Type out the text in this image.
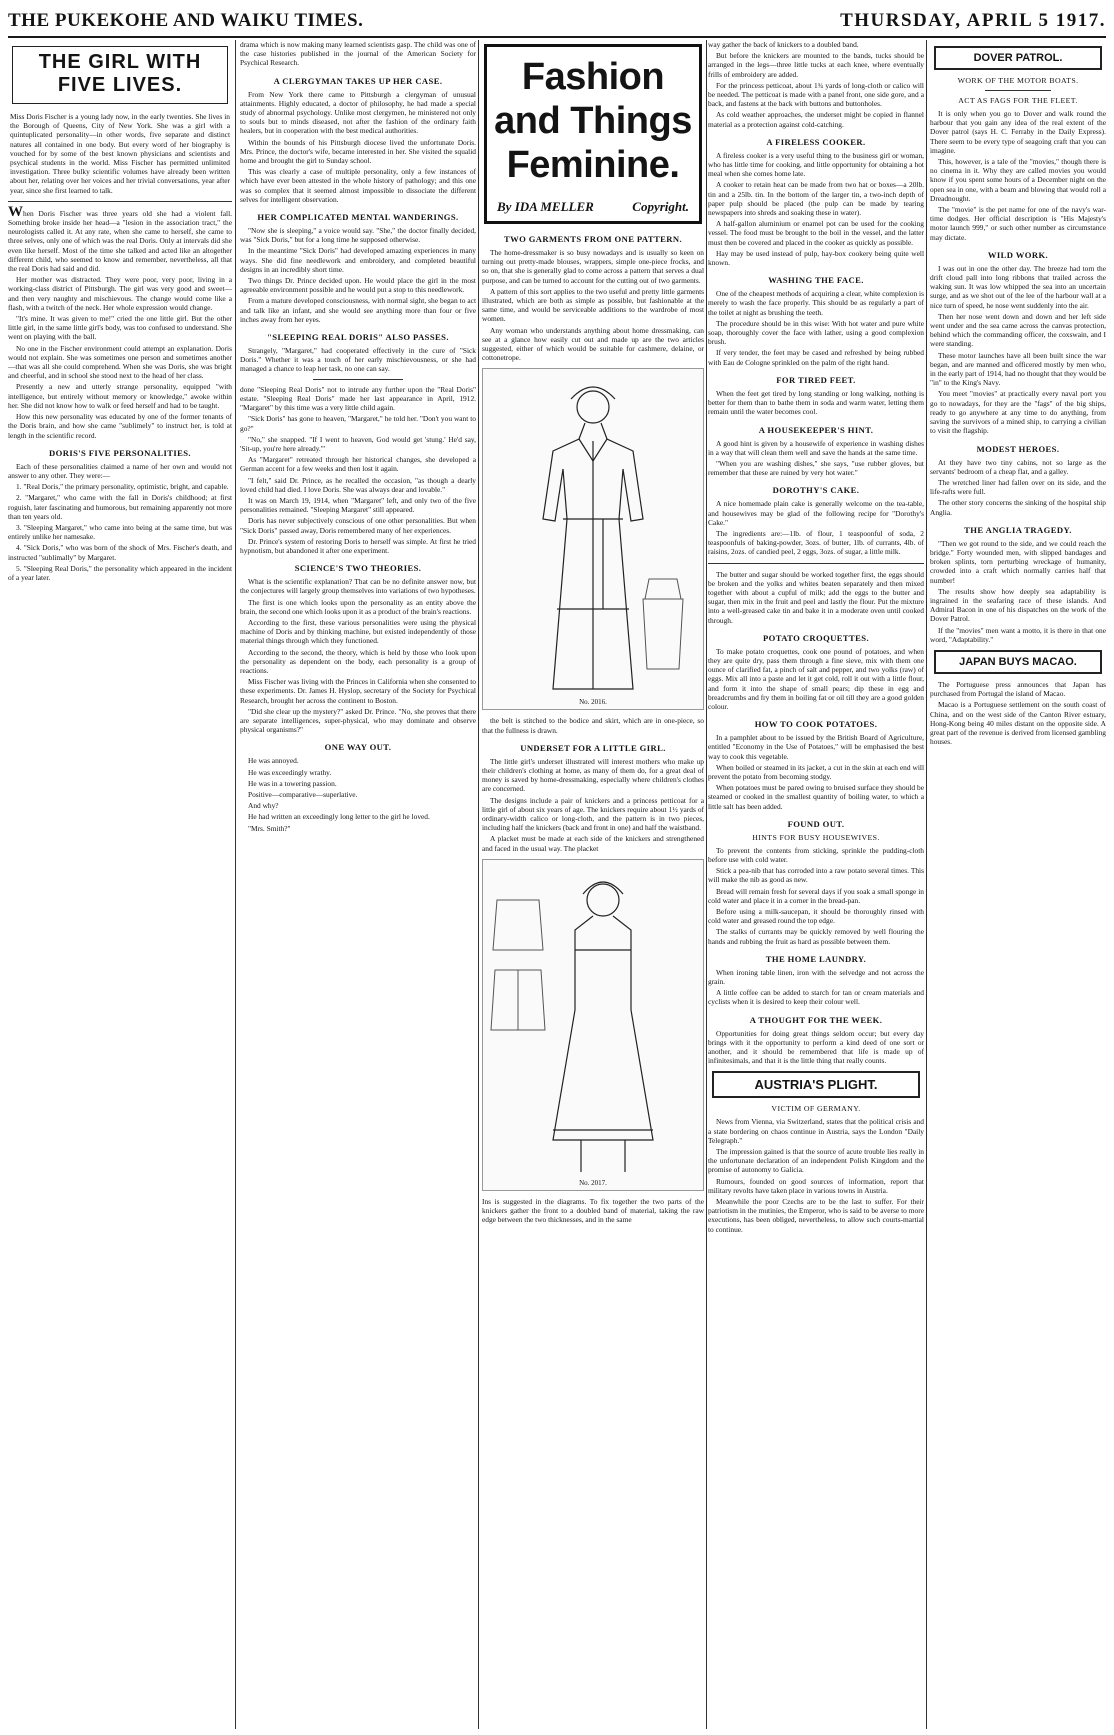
THE PUKEKOHE AND WAIKU TIMES.	THURSDAY, APRIL 5 1917.
THE GIRL WITH FIVE LIVES.
Miss Doris Fischer is a young lady now, in the early twenties. She lives in the Borough of Queens, City of New York. She was a girl with a quintuplicated personality—in other words, five separate and distinct natures all contained in one body. But every word of her biography is vouched for by some of the best known physicians and scientists and psychical students in the world. Miss Fischer has permitted unlimited investigation. Three bulky scientific volumes have already been written about her, relating over her voices and her trivial conversations, year after year, since she first learned to talk.

When Doris Fischer was three years old she had a violent fall. Something broke inside her head—a "lesion in the association tract," the neurologists called it. At any rate, when she came to herself, she came to three selves, only one of which was the real Doris. Only at intervals did she even like herself. Most of the time she talked and acted like an altogether different child, who seemed to know and remember, nevertheless, all that the real Doris had said and did.

Her mother was distracted. They were poor, very poor, living in a working-class district of Pittsburgh. The girl was very good and sweet—and then very naughty and mischievous. The change would come like a flash, with a twitch of the neck. Her whole expression would change.

"It's mine. It was given to me!" cried the one little girl. But the other little girl, in the same little girl's body, was too confused to understand. She went on playing with the ball.

No one in the Fischer environment could attempt an explanation. Doris would not explain. She was sometimes one person and sometimes another—that was all she could comprehend. When she was Doris, she was bright and cheerful, and in school she stood next to the head of her class.

Presently a new and utterly strange personality, equipped "with intelligence, but entirely without memory or knowledge," awoke within her. She did not know how to walk or feed herself and had to be taught.

How this new personality was educated by one of the former tenants of the Doris brain, and how she came "sublimely" to instruct her, is told at length in the scientific record.

DORIS'S FIVE PERSONALITIES.

Each of these personalities claimed a name of her own and would not answer to any other. They were:—

1. "Real Doris," the primary personality, optimistic, bright, and capable.

2. "Margaret," who came with the fall in Doris's childhood; at first roguish, later fascinating and humorous, but remaining apparently not more than ten years old.

3. "Sleeping Margaret," who came into being at the same time, but was entirely unlike her namesake.

4. "Sick Doris," who was born of the shock of Mrs. Fischer's death, and instructed "sublimally" by Margaret.

5. "Sleeping Real Doris," the personality which appeared in the incident of a year later.

drama which is now making many learned scientists gasp. The child was one of the case histories published in the journal of the American Society for Psychical Research.

A CLERGYMAN TAKES UP HER CASE.

From New York there came to Pittsburgh a clergyman of unusual attainments. Highly educated, a doctor of philosophy, he had made a special study of abnormal psychology. Unlike most clergymen, he ministered not only to souls but to minds diseased, not after the fashion of the ordinary faith healers, but in cooperation with the best medical authorities.

Within the bounds of his Pittsburgh diocese lived the unfortunate Doris. Mrs. Prince, the doctor's wife, became interested in her. She visited the squalid home and brought the girl to Sunday school.

This was clearly a case of multiple personality, only a few instances of which have ever been attested in the whole history of pathology; and this one was so complex that it seemed almost impossible to dissociate the different selves for intelligent observation.

HER COMPLICATED MENTAL WANDERINGS.

"Now she is sleeping," a voice would say. "She," the doctor finally decided, was "Sick Doris," but for a long time he supposed otherwise.

In the meantime "Sick Doris" had developed amazing experiences in many ways. She did fine needlework and embroidery, and completed beautiful designs in an incredibly short time.

Two things Dr. Prince decided upon. He would place the girl in the most agreeable environment possible and he would put a stop to this needlework.

From a mature developed consciousness, with normal sight, she began to act and talk like an infant, and she would see anything more than four or five inches away from her eyes.

"SLEEPING REAL DORIS" ALSO PASSES.

Strangely, "Margaret," had cooperated effectively in the cure of "Sick Doris." Whether it was a touch of her early mischievousness, or she had managed a chance to leap her task, no one can say.

done "Sleeping Real Doris" not to intrude any further upon the "Real Doris" estate. "Sleeping Real Doris" made her last appearance in April, 1912. "Margaret" by this time was a very little child again.

"Sick Doris" has gone to heaven, "Margaret," he told her. "Don't you want to go?"

"No," she snapped. "If I went to heaven, God would get 'stung.' He'd say, 'Sit-up, you're here already.'"

As "Margaret" retreated through her historical changes, she developed a German accent for a few weeks and then lost it again.

"I felt," said Dr. Prince, as he recalled the occasion, "as though a dearly loved child had died. I love Doris. She was always dear and lovable."

It was on March 19, 1914, when "Margaret" left, and only two of the five personalities remained. "Sleeping Margaret" still appeared.

Doris has never subjectively conscious of one other personalities. But when "Sick Doris" passed away, Doris remembered many of her experiences.

Dr. Prince's system of restoring Doris to herself was simple. At first he tried hypnotism, but abandoned it after one experiment.

SCIENCE'S TWO THEORIES.

What is the scientific explanation? That can be no definite answer now, but the conjectures will largely group themselves into variations of two hypotheses.

The first is one which looks upon the personality as an entity above the brain, the second one which looks upon it as a product of the brain's reactions.

According to the first, these various personalities were using the physical machine of Doris and by thinking machine, but existed independently of those material things through which they functioned.

According to the second, the theory, which is held by those who look upon the personality as dependent on the body, each personality is a group of reactions.

Miss Fischer was living with the Princes in California when she consented to these experiments. Dr. James H. Hyslop, secretary of the Society for Psychical Research, brought her across the continent to Boston.

"Did she clear up the mystery?" asked Dr. Prince. "No, she proves that there are separate intelligences, super-physical, who may dominate and observe physical organisms?"

ONE WAY OUT.

He was annoyed.

He was exceedingly wrathy.

He was in a towering passion.

Positive—comparative—superlative.

And why?

He had written an exceedingly long letter to the girl he loved.

"Mrs. Smith?"

Fashion and Things
Feminine.
By IDA MELLER	Copyright.
TWO GARMENTS FROM ONE PATTERN.

The home-dressmaker is so busy nowadays and is usually so keen on turning out pretty-made blouses, wrappers, simple one-piece frocks, and so on, that she is generally glad to come across a pattern that serves a dual purpose, and can be turned to account for the cutting out of two garments.

A pattern of this sort applies to the two useful and pretty little garments illustrated, which are both as simple as possible, but fashionable at the same time, and would be serviceable additions to the wardrobe of most women.

Any woman who understands anything about home dressmaking, can see at a glance how easily cut out and made up are the two articles suggested, either of which would be suitable for cashmere, delaine, or cottonetrope.

No. 2016.

the belt is stitched to the bodice and skirt, which are in one-piece, so that the fullness is drawn.

UNDERSET FOR A LITTLE GIRL.

The little girl's underset illustrated will interest mothers who make up their children's clothing at home, as many of them do, for a great deal of money is saved by home-dressmaking, especially where children's clothes are concerned.

The designs include a pair of knickers and a princess petticoat for a little girl of about six years of age. The knickers require about 1½ yards of ordinary-width calico or long-cloth, and the pattern is in two pieces, including half the knickers (back and front in one) and half the waistband.

A placket must be made at each side of the knickers and strengthened and faced in the usual way. The placket

No. 2017.

Ins is suggested in the diagrams. To fix together the two parts of the knickers gather the front to a doubled band of material, taking the raw edge between the two thicknesses, and in the same

way gather the back of knickers to a doubled band.

But before the knickers are mounted to the bands, tucks should be arranged in the legs—three little tucks at each knee, where eventually frills of embroidery are added.

For the princess petticoat, about 1¾ yards of long-cloth or calico will be needed. The petticoat is made with a panel front, one side gore, and a back, and fastens at the back with buttons and buttonholes.

As cold weather approaches, the underset might be copied in flannel material as a protection against cold-catching.

A FIRELESS COOKER.

A fireless cooker is a very useful thing to the business girl or woman, who has little time for cooking, and little opportunity for obtaining a hot meal when she comes home late.

A cooker to retain heat can be made from two hat or boxes—a 20lb. tin and a 25lb. tin. In the bottom of the larger tin, a two-inch depth of paper pulp should be placed (the pulp can be made by tearing newspapers into shreds and soaking these in water).

A half-gallon aluminium or enamel pot can be used for the cooking vessel. The food must be brought to the boil in the vessel, and the latter must then be covered and placed in the cooker as quickly as possible.

Hay may be used instead of pulp, hay-box cookery being quite well known.

WASHING THE FACE.

One of the cheapest methods of acquiring a clear, white complexion is merely to wash the face properly. This should be as regularly a part of the toilet at night as brushing the teeth.

The procedure should be in this wise: With hot water and pure white soap, thoroughly cover the face with lather, using a good complexion brush.

If very tender, the feet may be cased and refreshed by being rubbed with Eau de Cologne sprinkled on the palm of the right hand.

FOR TIRED FEET.

When the feet get tired by long standing or long walking, nothing is better for them than to bathe them in soda and warm water, letting them remain until the water becomes cool.

A HOUSEKEEPER'S HINT.

A good hint is given by a housewife of experience in washing dishes in a way that will clean them well and save the hands at the same time.

"When you are washing dishes," she says, "use rubber gloves, but remember that these are ruined by very hot water."

DOROTHY'S CAKE.

A nice homemade plain cake is generally welcome on the tea-table, and housewives may be glad of the following recipe for "Dorothy's Cake."

The ingredients are:—1lb. of flour, 1 teaspoonful of soda, 2 teaspoonfuls of baking-powder, 3ozs. of butter, 1lb. of currants, 4lb. of raisins, 2ozs. of candied peel, 2 eggs, 3ozs. of sugar, a little milk.

The butter and sugar should be worked together first, the eggs should be broken and the yolks and whites beaten separately and then mixed together with about a cupful of milk; add the eggs to the butter and sugar, then mix in the fruit and peel and lastly the flour. Put the mixture into a well-greased cake tin and bake it in a moderate oven until cooked through.

POTATO CROQUETTES.

To make potato croquettes, cook one pound of potatoes, and when they are quite dry, pass them through a fine sieve, mix with them one ounce of clarified fat, a pinch of salt and pepper, and two yolks (raw) of eggs. Mix all into a paste and let it get cold, roll it out with a little flour, and form it into the shape of small pears; dip these in egg and breadcrumbs and fry them in boiling fat or oil till they are a good golden colour.

HOW TO COOK POTATOES.

In a pamphlet about to be issued by the British Board of Agriculture, entitled "Economy in the Use of Potatoes," will be emphasised the best way to cook this vegetable.

When boiled or steamed in its jacket, a cut in the skin at each end will prevent the potato from becoming stodgy.

When potatoes must be pared owing to bruised surface they should be steamed or cooked in the smallest quantity of boiling water, to which a little salt has been added.

FOUND OUT.
HINTS FOR BUSY HOUSEWIVES.

To prevent the contents from sticking, sprinkle the pudding-cloth before use with cold water.

Stick a pea-nib that has corroded into a raw potato several times. This will make the nib as good as new.

Bread will remain fresh for several days if you soak a small sponge in cold water and place it in a corner in the bread-pan.

Before using a milk-saucepan, it should be thoroughly rinsed with cold water and greased round the top edge.

The stalks of currants may be quickly removed by well flouring the hands and rubbing the fruit as hard as possible between them.

THE HOME LAUNDRY.

When ironing table linen, iron with the selvedge and not across the grain.

A little coffee can be added to starch for tan or cream materials and cyclists when it is desired to keep their colour well.

A THOUGHT FOR THE WEEK.

Opportunities for doing great things seldom occur; but every day brings with it the opportunity to perform a kind deed of one sort or another, and it should be remembered that life is made up of infinitesimals, and that it is the little thing that really counts.

AUSTRIA'S PLIGHT.
VICTIM OF GERMANY.

News from Vienna, via Switzerland, states that the political crisis and a state bordering on chaos continue in Austria, says the London "Daily Telegraph."

The impression gained is that the source of acute trouble lies really in the unfortunate declaration of an independent Polish Kingdom and the promise of autonomy to Galicia.

Rumours, founded on good sources of information, report that military revolts have taken place in various towns in Austria.

Meanwhile the poor Czechs are to be the last to suffer. For their patriotism in the mutinies, the Emperor, who is said to be averse to more executions, has been obliged, nevertheless, to allow such courts-martial to continue.

DOVER PATROL.
WORK OF THE MOTOR BOATS.
ACT AS FAGS FOR THE FLEET.

It is only when you go to Dover and walk round the harbour that you gain any idea of the real extent of the Dover patrol (says H. C. Ferraby in the Daily Express). There seem to be every type of seagoing craft that you can imagine.

This, however, is a tale of the "movies," though there is no cinema in it. Why they are called movies you would know if you spent some hours of a December night on the open sea in one, with a beam and blowing that would roll a Dreadnought.

The "movie" is the pet name for one of the navy's war-time dodges. Her official description is "His Majesty's motor launch 999," or such other number as circumstance may dictate.

WILD WORK.

I was out in one the other day. The breeze had torn the drift cloud pall into long ribbons that trailed across the waking sun. It was low whipped the sea into an uncertain surge, and as we shot out of the lee of the harbour wall at a nice turn of speed, he nose went suddenly into the air.

Then her nose went down and down and her left side went under and the sea came across the canvas protection, behind which the commanding officer, the coxswain, and I were standing.

These motor launches have all been built since the war began, and are manned and officered mostly by men who, in the early part of 1914, had no thought that they would be "in" to the King's Navy.

You meet "movies" at practically every naval port you go to nowadays, for they are the "fags" of the big ships, ready to go anywhere at any time to do anything, from saving the survivors of a mined ship, to carrying a civilian to visit the flagship.

MODEST HEROES.

At they have two tiny cabins, not so large as the servants' bedroom of a cheap flat, and a galley.

The wretched liner had fallen over on its side, and the life-rafts were full.

The other story concerns the sinking of the hospital ship Anglia.

THE ANGLIA TRAGEDY.

"Then we got round to the side, and we could reach the bridge." Forty wounded men, with slipped bandages and broken splints, torn perturbing wreckage of humanity, crowded into a craft which normally carries half that number!

The results show how deeply sea adaptability is ingrained in the seafaring race of these islands. And Admiral Bacon in one of his dispatches on the work of the Dover Patrol.

If the "movies" men want a motto, it is there in that one word, "Adaptability."

JAPAN BUYS MACAO.

The Portuguese press announces that Japan has purchased from Portugal the island of Macao.

Macao is a Portuguese settlement on the south coast of China, and on the west side of the Canton River estuary, Hong-Kong being 40 miles distant on the opposite side. A great part of the revenue is derived from licensed gambling houses.
